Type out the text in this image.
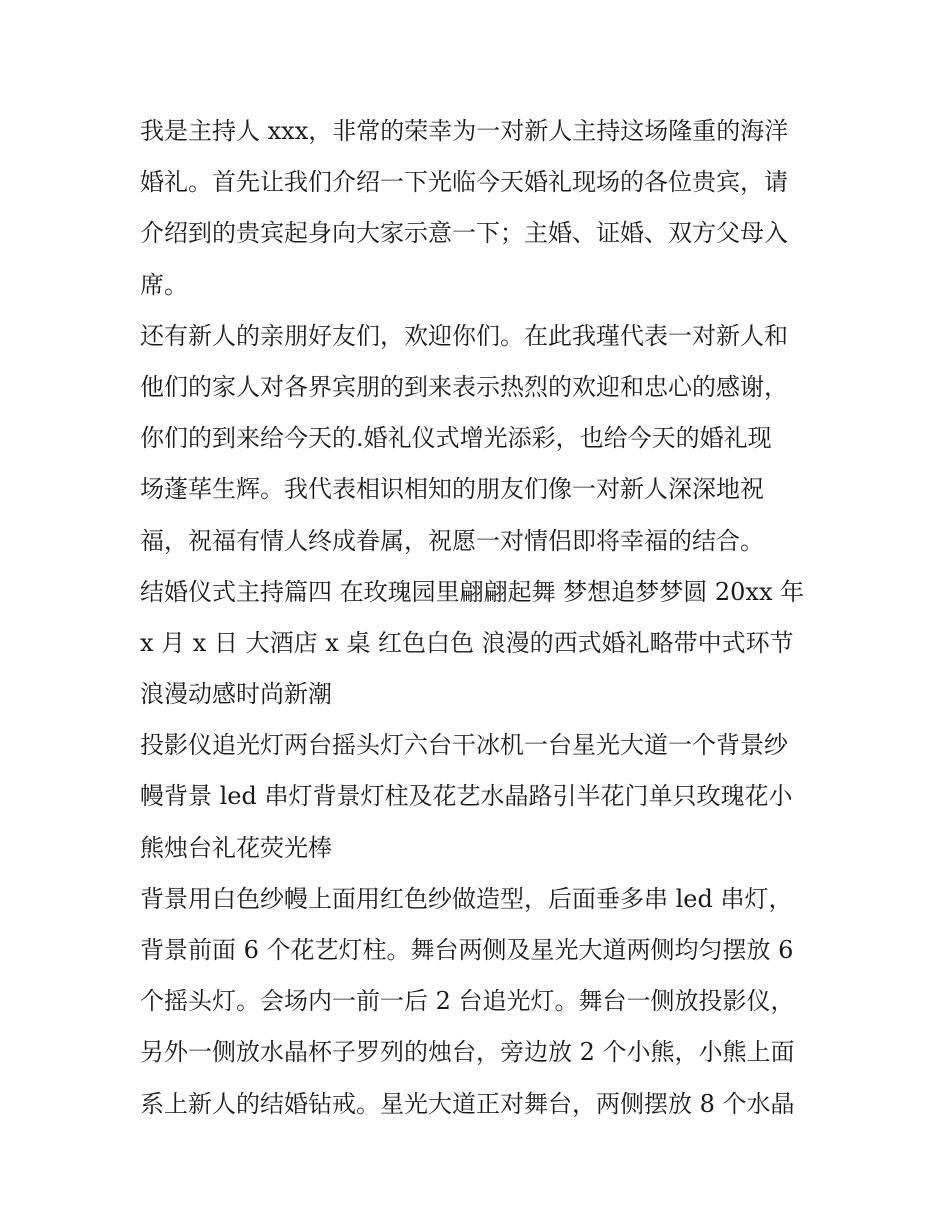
我是主持人 xxx，非常的荣幸为一对新人主持这场隆重的海洋
婚礼。首先让我们介绍一下光临今天婚礼现场的各位贵宾，请
介绍到的贵宾起身向大家示意一下；主婚、证婚、双方父母入
席。
还有新人的亲朋好友们，欢迎你们。在此我瑾代表一对新人和
他们的家人对各界宾朋的到来表示热烈的欢迎和忠心的感谢，
你们的到来给今天的.婚礼仪式增光添彩，也给今天的婚礼现
场蓬荜生辉。我代表相识相知的朋友们像一对新人深深地祝
福，祝福有情人终成眷属，祝愿一对情侣即将幸福的结合。
结婚仪式主持篇四 在玫瑰园里翩翩起舞 梦想追梦梦圆 20xx 年
x 月 x 日 大酒店 x 桌 红色白色 浪漫的西式婚礼略带中式环节
浪漫动感时尚新潮
投影仪追光灯两台摇头灯六台干冰机一台星光大道一个背景纱
幔背景 led 串灯背景灯柱及花艺水晶路引半花门单只玫瑰花小
熊烛台礼花荧光棒
背景用白色纱幔上面用红色纱做造型，后面垂多串 led 串灯，
背景前面 6 个花艺灯柱。舞台两侧及星光大道两侧均匀摆放 6
个摇头灯。会场内一前一后 2 台追光灯。舞台一侧放投影仪，
另外一侧放水晶杯子罗列的烛台，旁边放 2 个小熊，小熊上面
系上新人的结婚钻戒。星光大道正对舞台，两侧摆放 8 个水晶
